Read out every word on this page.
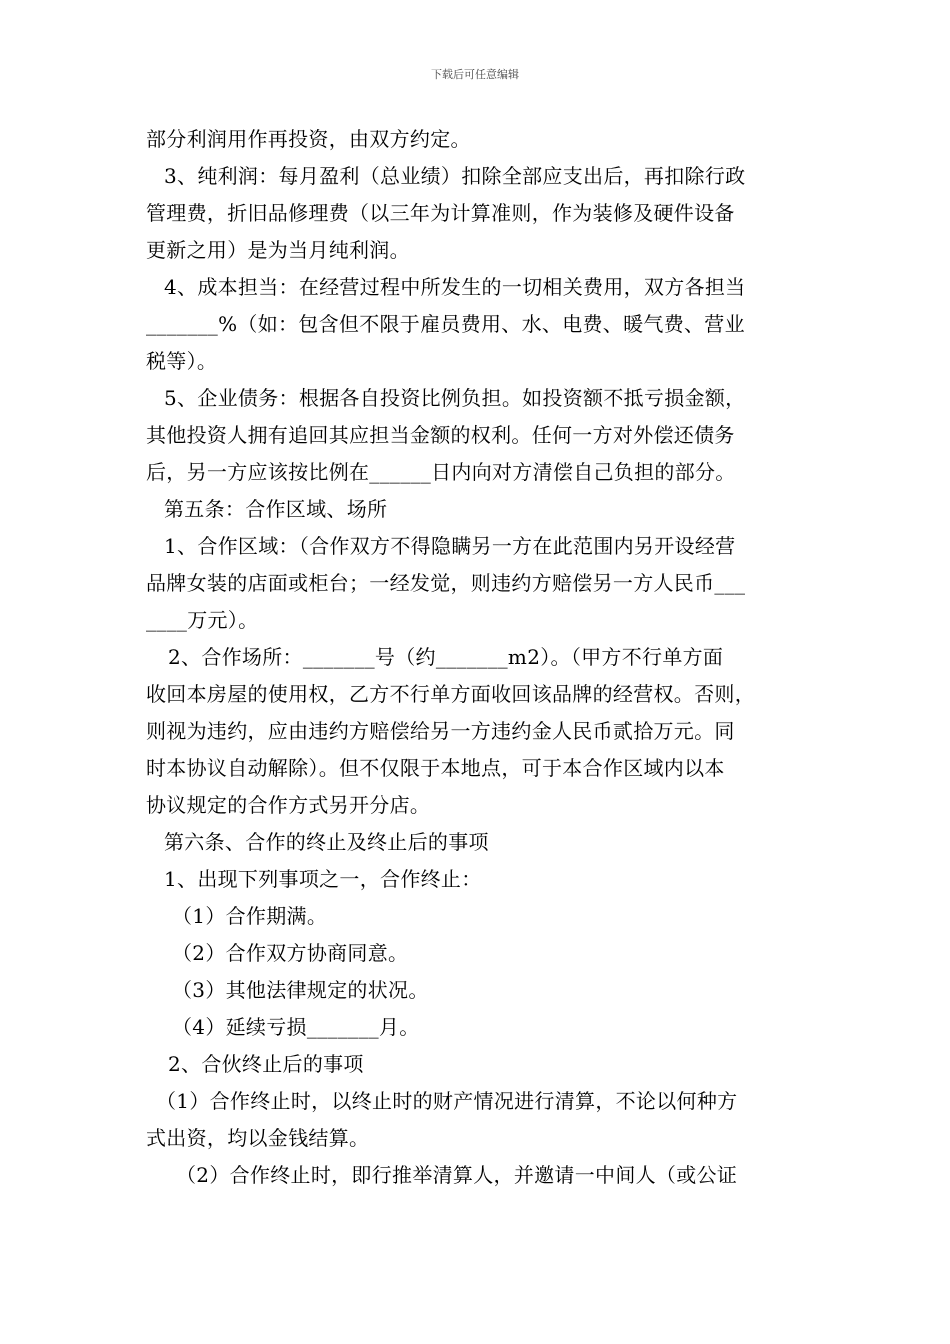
下载后可任意编辑
部分利润用作再投资，由双方约定。
3、纯利润：每月盈利（总业绩）扣除全部应支出后，再扣除行政
管理费，折旧品修理费（以三年为计算准则，作为装修及硬件设备
更新之用）是为当月纯利润。
4、成本担当：在经营过程中所发生的一切相关费用，双方各担当
_______%（如：包含但不限于雇员费用、水、电费、暖气费、营业
税等）。
5、企业债务：根据各自投资比例负担。如投资额不抵亏损金额，
其他投资人拥有追回其应担当金额的权利。任何一方对外偿还债务
后，另一方应该按比例在______日内向对方清偿自己负担的部分。
第五条：合作区域、场所
1、合作区域：（合作双方不得隐瞒另一方在此范围内另开设经营
品牌女装的店面或柜台；一经发觉，则违约方赔偿另一方人民币___
____万元）。
2、合作场所：_______号（约_______m2）。（甲方不行单方面
收回本房屋的使用权，乙方不行单方面收回该品牌的经营权。否则，
则视为违约，应由违约方赔偿给另一方违约金人民币贰拾万元。同
时本协议自动解除）。但不仅限于本地点，可于本合作区域内以本
协议规定的合作方式另开分店。
第六条、合作的终止及终止后的事项
1、出现下列事项之一，合作终止：
（1）合作期满。
（2）合作双方协商同意。
（3）其他法律规定的状况。
（4）延续亏损_______月。
2、合伙终止后的事项
（1）合作终止时，以终止时的财产情况进行清算，不论以何种方
式出资，均以金钱结算。
（2）合作终止时，即行推举清算人，并邀请一中间人（或公证
